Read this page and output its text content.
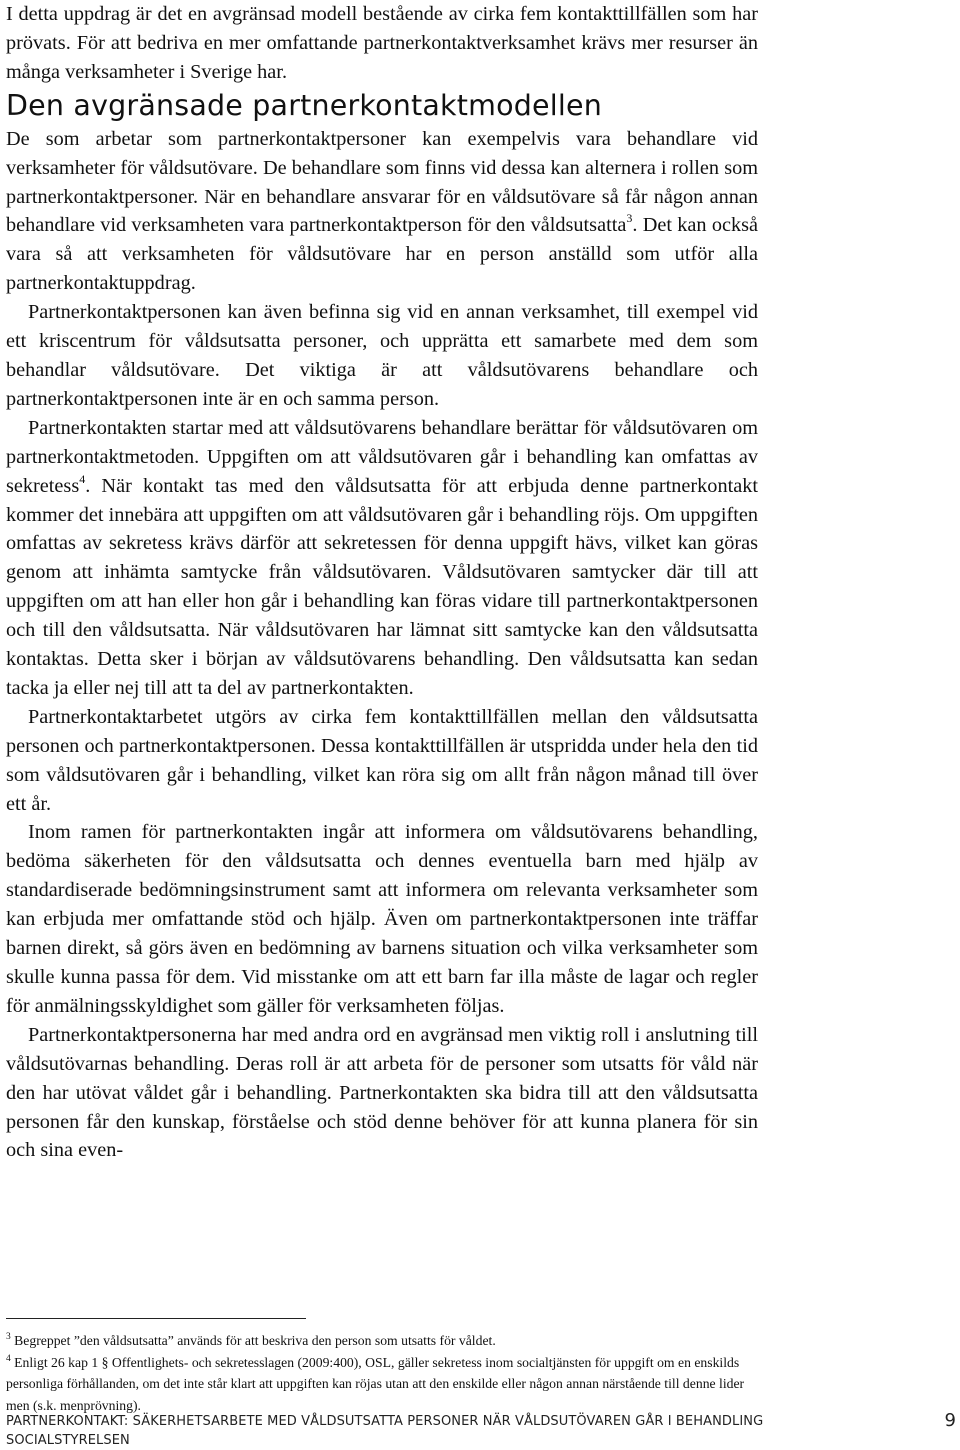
I detta uppdrag är det en avgränsad modell bestående av cirka fem kontakttillfällen som har prövats. För att bedriva en mer omfattande partnerkontaktverksamhet krävs mer resurser än många verksamheter i Sverige har.

Den avgränsade partnerkontaktmodellen

De som arbetar som partnerkontaktpersoner kan exempelvis vara behandlare vid verksamheter för våldsutövare. De behandlare som finns vid dessa kan alternera i rollen som partnerkontaktpersoner. När en behandlare ansvarar för en våldsutövare så får någon annan behandlare vid verksamheten vara partnerkontaktperson för den våldsutsatta$^3$. Det kan också vara så att verksamheten för våldsutövare har en person anställd som utför alla partnerkontaktuppdrag.

Partnerkontaktpersonen kan även befinna sig vid en annan verksamhet, till exempel vid ett kriscentrum för våldsutsatta personer, och upprätta ett samarbete med dem som behandlar våldsutövare. Det viktiga är att våldsutövarens behandlare och partnerkontaktpersonen inte är en och samma person.

Partnerkontakten startar med att våldsutövarens behandlare berättar för våldsutövaren om partnerkontaktmetoden. Uppgiften om att våldsutövaren går i behandling kan omfattas av sekretess$^4$. När kontakt tas med den våldsutsatta för att erbjuda denne partnerkontakt kommer det innebära att uppgiften om att våldsutövaren går i behandling röjs. Om uppgiften omfattas av sekretess krävs därför att sekretessen för denna uppgift hävs, vilket kan göras genom att inhämta samtycke från våldsutövaren. Våldsutövaren samtycker där till att uppgiften om att han eller hon går i behandling kan föras vidare till partnerkontaktpersonen och till den våldsutsatta. När våldsutövaren har lämnat sitt samtycke kan den våldsutsatta kontaktas. Detta sker i början av våldsutövarens behandling. Den våldsutsatta kan sedan tacka ja eller nej till att ta del av partnerkontakten.

Partnerkontaktarbetet utgörs av cirka fem kontakttillfällen mellan den våldsutsatta personen och partnerkontaktpersonen. Dessa kontakttillfällen är utspridda under hela den tid som våldsutövaren går i behandling, vilket kan röra sig om allt från någon månad till över ett år.

Inom ramen för partnerkontakten ingår att informera om våldsutövarens behandling, bedöma säkerheten för den våldsutsatta och dennes eventuella barn med hjälp av standardiserade bedömningsinstrument samt att informera om relevanta verksamheter som kan erbjuda mer omfattande stöd och hjälp. Även om partnerkontaktpersonen inte träffar barnen direkt, så görs även en bedömning av barnens situation och vilka verksamheter som skulle kunna passa för dem. Vid misstanke om att ett barn far illa måste de lagar och regler för anmälningsskyldighet som gäller för verksamheten följas.

Partnerkontaktpersonerna har med andra ord en avgränsad men viktig roll i anslutning till våldsutövarnas behandling. Deras roll är att arbeta för de personer som utsatts för våld när den har utövat våldet går i behandling. Partnerkontakten ska bidra till att den våldsutsatta personen får den kunskap, förståelse och stöd denne behöver för att kunna planera för sin och sina even-

$^3$ Begreppet ”den våldsutsatta” används för att beskriva den person som utsatts för våldet.

$^4$ Enligt 26 kap 1 § Offentlighets- och sekretesslagen (2009:400), OSL, gäller sekretess inom socialtjänsten för uppgift om en enskilds personliga förhållanden, om det inte står klart att uppgiften kan röjas utan att den enskilde eller någon annan närstående till denne lider men (s.k. menprövning).

PARTNERKONTAKT: SÄKERHETSARBETE MED VÅLDSUTSATTA PERSONER NÄR VÅLDSUTÖVAREN GÅR I BEHANDLING
SOCIALSTYRELSEN
9
